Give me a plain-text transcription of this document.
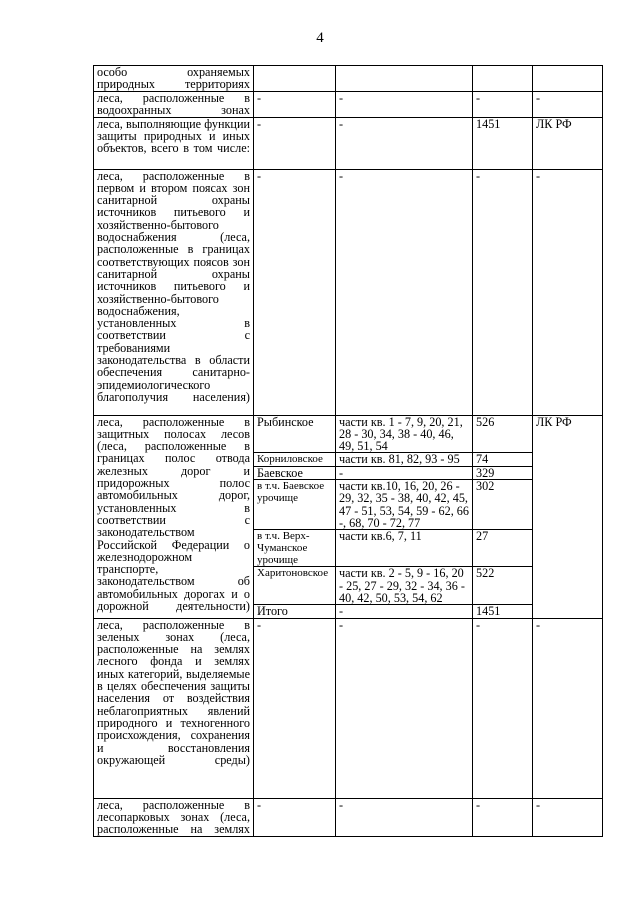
4
особо охраняемых природных территориях				
леса, расположенные в водоохранных зонах	-	-	-	-
леса, выполняющие функции защиты природных и иных объектов, всего в том числе:	-	-	1451	ЛК РФ
леса, расположенные в первом и втором поясах зон санитарной охраны источников питьевого и хозяйственно-бытового водоснабжения (леса, расположенные в границах соответствующих поясов зон санитарной охраны источников питьевого и хозяйственно-бытового водоснабжения, установленных в соответствии с требованиями законодательства в области обеспечения санитарно-эпидемиологического благополучия населения)	-	-	-	-
леса, расположенные в защитных полосах лесов (леса, расположенные в границах полос отвода железных дорог и придорожных полос автомобильных дорог, установленных в соответствии с законодательством Российской Федерации о железнодорожном транспорте, законодательством об автомобильных дорогах и о дорожной деятельности)	Рыбинское	части кв. 1 - 7, 9, 20, 21, 28 - 30, 34, 38 - 40, 46, 49, 51, 54	526	ЛК РФ
	Корниловское	части кв. 81, 82, 93 - 95	74	
	Баевское	-	329	
	в т.ч. Баевское урочище	части кв.10, 16, 20, 26 - 29, 32, 35 - 38, 40, 42, 45, 47 - 51, 53, 54, 59 - 62, 66 -, 68, 70 - 72, 77	302	
	в т.ч. Верх-Чуманское урочище	части кв.6, 7, 11	27	
	Харитоновское	части кв. 2 - 5, 9 - 16, 20 - 25, 27 - 29, 32 - 34, 36 - 40, 42, 50, 53, 54, 62	522	
	Итого	-	1451	
леса, расположенные в зеленых зонах (леса, расположенные на землях лесного фонда и землях иных категорий, выделяемые в целях обеспечения защиты населения от воздействия неблагоприятных явлений природного и техногенного происхождения, сохранения и восстановления окружающей среды)	-	-	-	-
леса, расположенные в лесопарковых зонах (леса, расположенные на землях	-	-	-	-
